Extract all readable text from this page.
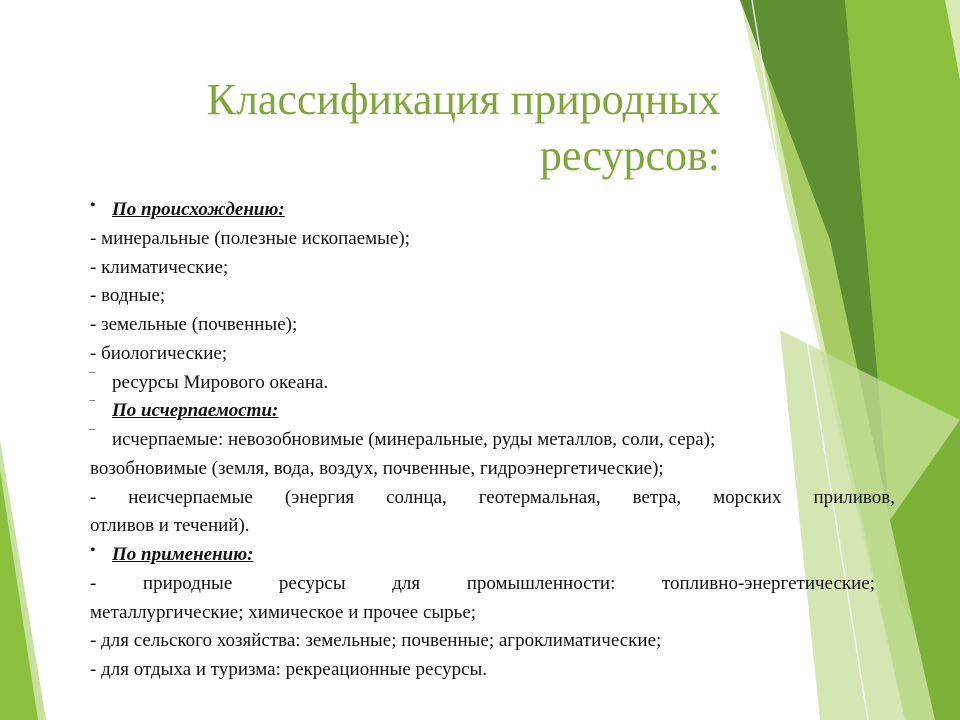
Классификация природных ресурсов:
• По происхождению:
- минеральные (полезные ископаемые);
- климатические;
- водные;
- земельные (почвенные);
- биологические;
‾ ресурсы Мирового океана.
‾ По исчерпаемости:
‾ исчерпаемые: невозобновимые (минеральные, руды металлов, соли, сера);
возобновимые (земля, вода, воздух, почвенные, гидроэнергетические);
- неисчерпаемые (энергия солнца, геотермальная, ветра, морских приливов,
отливов и течений).
• По применению:
- природные ресурсы для промышленности: топливно-энергетические;
металлургические; химическое и прочее сырье;
- для сельского хозяйства: земельные; почвенные; агроклиматические;
- для отдыха и туризма: рекреационные ресурсы.
